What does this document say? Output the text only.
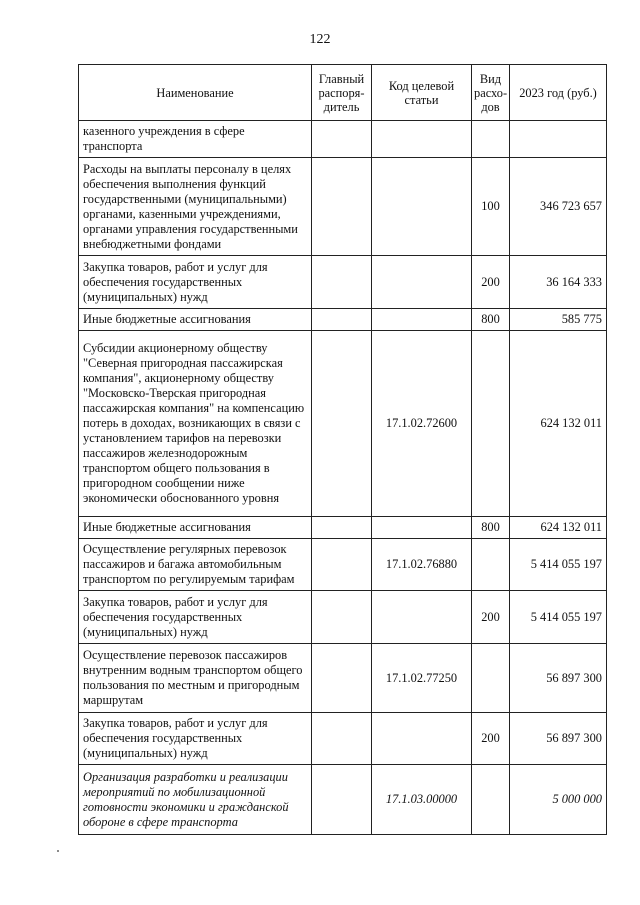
122
Наименование	Главный распоря-дитель	Код целевой статьи	Вид расхо-дов	2023 год (руб.)
казенного учреждения в сфере транспорта				
Расходы на выплаты персоналу в целях обеспечения выполнения функций государственными (муниципальными) органами, казенными учреждениями, органами управления государственными внебюджетными фондами			100	346 723 657
Закупка товаров, работ и услуг для обеспечения государственных (муниципальных) нужд			200	36 164 333
Иные бюджетные ассигнования			800	585 775
Субсидии акционерному обществу "Северная пригородная пассажирская компания", акционерному обществу "Московско-Тверская пригородная пассажирская компания" на компенсацию потерь в доходах, возникающих в связи с установлением тарифов на перевозки пассажиров железнодорожным транспортом общего пользования в пригородном сообщении ниже экономически обоснованного уровня		17.1.02.72600		624 132 011
Иные бюджетные ассигнования			800	624 132 011
Осуществление регулярных перевозок пассажиров и багажа автомобильным транспортом по регулируемым тарифам		17.1.02.76880		5 414 055 197
Закупка товаров, работ и услуг для обеспечения государственных (муниципальных) нужд			200	5 414 055 197
Осуществление перевозок пассажиров внутренним водным транспортом общего пользования по местным и пригородным маршрутам		17.1.02.77250		56 897 300
Закупка товаров, работ и услуг для обеспечения государственных (муниципальных) нужд			200	56 897 300
Организация разработки и реализации мероприятий по мобилизационной готовности экономики и гражданской обороне в сфере транспорта		17.1.03.00000		5 000 000
